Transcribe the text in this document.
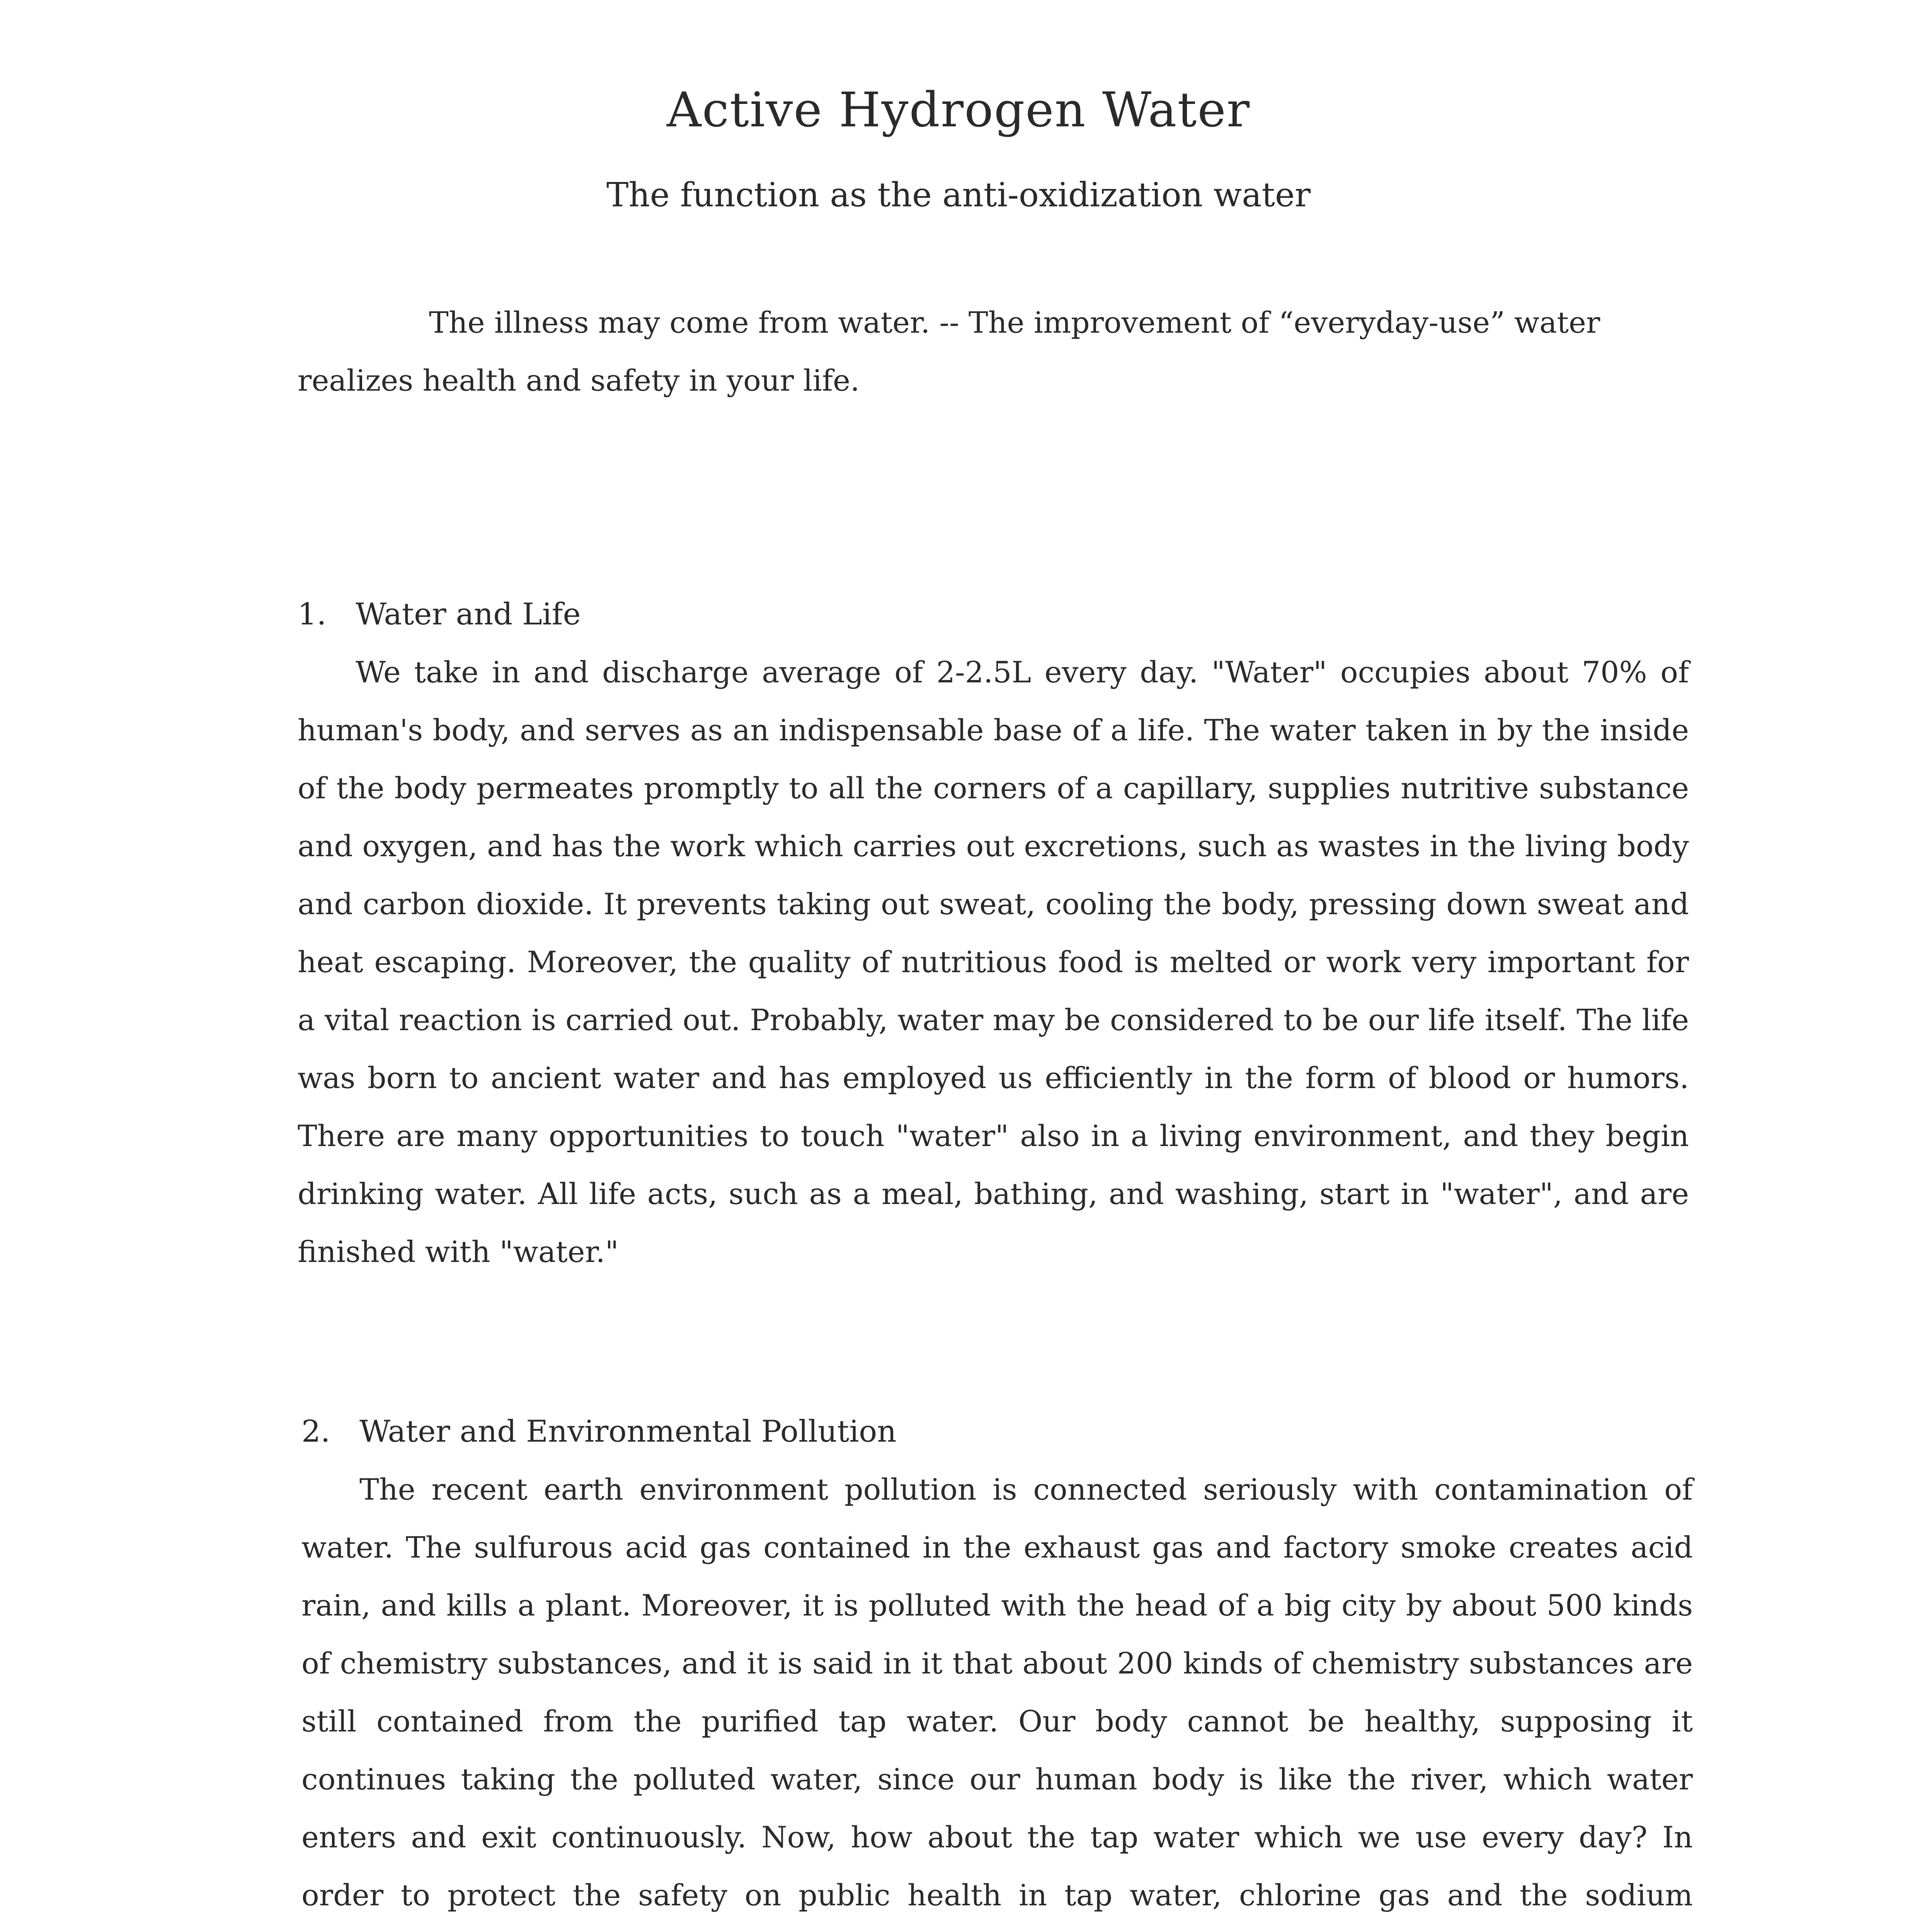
Active Hydrogen Water
The function as the anti-oxidization water

The illness may come from water. -- The improvement of “everyday-use” water realizes health and safety in your life.

1. Water and Life

We take in and discharge average of 2-2.5L every day. "Water" occupies about 70% of human's body, and serves as an indispensable base of a life. The water taken in by the inside of the body permeates promptly to all the corners of a capillary, supplies nutritive substance and oxygen, and has the work which carries out excretions, such as wastes in the living body and carbon dioxide. It prevents taking out sweat, cooling the body, pressing down sweat and heat escaping. Moreover, the quality of nutritious food is melted or work very important for a vital reaction is carried out. Probably, water may be considered to be our life itself. The life was born to ancient water and has employed us efficiently in the form of blood or humors. There are many opportunities to touch "water" also in a living environment, and they begin drinking water. All life acts, such as a meal, bathing, and washing, start in "water", and are finished with "water."

2. Water and Environmental Pollution

The recent earth environment pollution is connected seriously with contamination of water. The sulfurous acid gas contained in the exhaust gas and factory smoke creates acid rain, and kills a plant. Moreover, it is polluted with the head of a big city by about 500 kinds of chemistry substances, and it is said in it that about 200 kinds of chemistry substances are still contained from the purified tap water. Our body cannot be healthy, supposing it continues taking the polluted water, since our human body is like the river, which water enters and exit continuously. Now, how about the tap water which we use every day? In order to protect the safety on public health in tap water, chlorine gas and the sodium
